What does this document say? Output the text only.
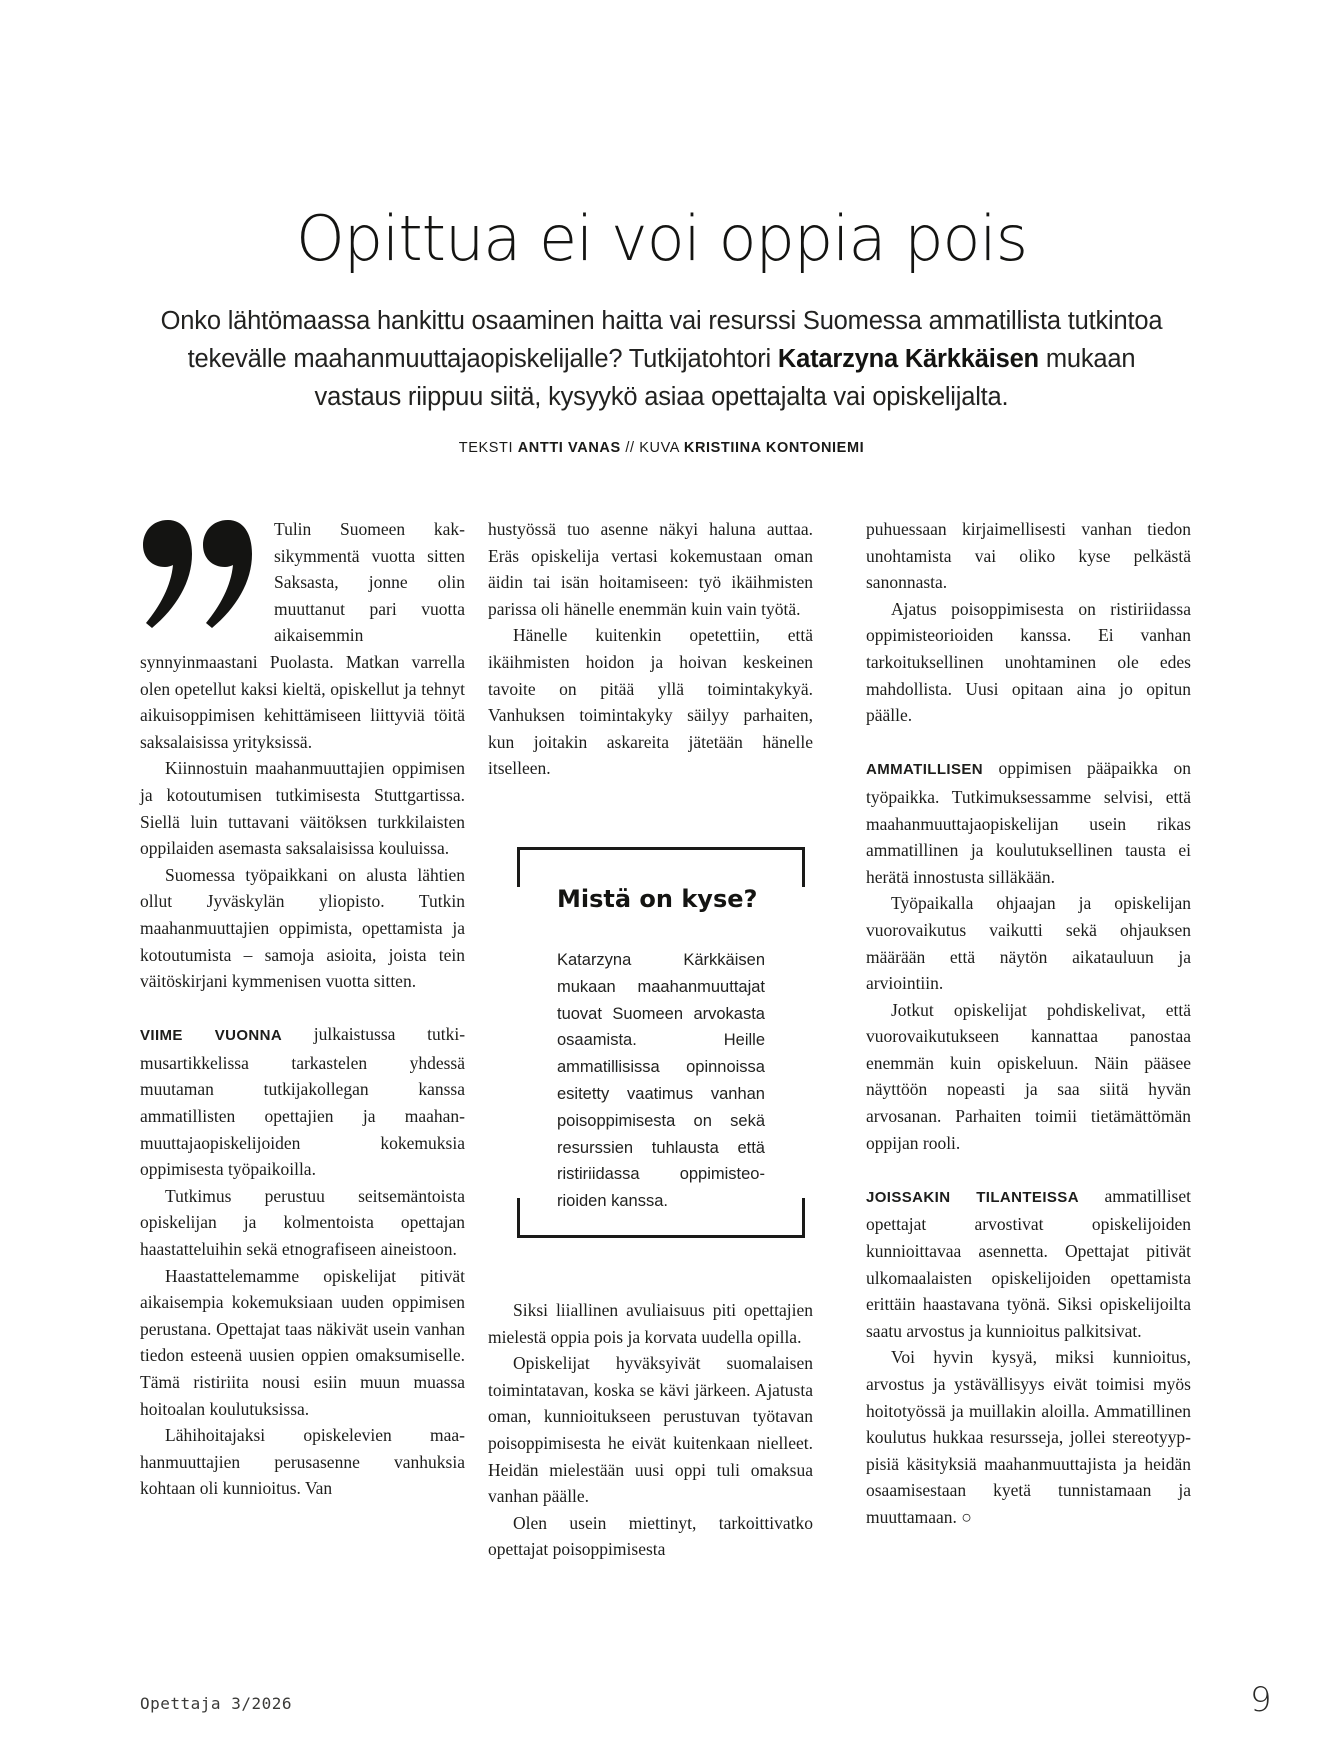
Opittua ei voi oppia pois

Onko lähtömaassa hankittu osaaminen haitta vai resurssi Suomessa ammatillista tutkintoa tekevälle maahanmuuttajaopiskelijalle? Tutkijatohtori Katarzyna Kärkkäisen mukaan vastaus riippuu siitä, kysyykö asiaa opettajalta vai opiskelijalta.

TEKSTI ANTTI VANAS // KUVA KRISTIINA KONTONIEMI

Tulin Suomeen kaksikymmentä vuotta sitten Saksasta, jonne olin muuttanut pari vuotta aikaisemmin synnyinmaastani Puolasta. Matkan varrella olen opetellut kaksi kieltä, opiskellut ja tehnyt aikuisoppimisen kehittämiseen liittyviä töitä saksalaisissa yrityksissä.

Kiinnostuin maahanmuuttajien oppimisen ja kotoutumisen tutkimisesta Stuttgartissa. Siellä luin tuttavani väitöksen turkkilaisten oppilaiden asemasta saksalaisissa kouluissa.

Suomessa työpaikkani on alusta lähtien ollut Jyväskylän yliopisto. Tutkin maahanmuuttajien oppimista, opettamista ja kotoutumista – samoja asioita, joista tein väitöskirjani kymmenisen vuotta sitten.

VIIME VUONNA julkaistussa tutkimusartikkelissa tarkastelen yhdessä muutaman tutkijakollegan kanssa ammatillisten opettajien ja maahanmuuttajaopiskelijoiden kokemuksia oppimisesta työpaikoilla.

Tutkimus perustuu seitsemäntoista opiskelijan ja kolmentoista opettajan haastatteluihin sekä etnografiseen aineistoon.

Haastattelemamme opiskelijat pitivät aikaisempia kokemuksiaan uuden oppimisen perustana. Opettajat taas näkivät usein vanhan tiedon esteenä uusien oppien omaksumiselle. Tämä ristiriita nousi esiin muun muassa hoitoalan koulutuksissa.

Lähihoitajaksi opiskelevien maahanmuuttajien perusasenne vanhuksia kohtaan oli kunnioitus. Van

hustyössä tuo asenne näkyi haluna auttaa. Eräs opiskelija vertasi kokemustaan oman äidin tai isän hoitamiseen: työ ikäihmisten parissa oli hänelle enemmän kuin vain työtä.

Hänelle kuitenkin opetettiin, että ikäihmisten hoidon ja hoivan keskeinen tavoite on pitää yllä toimintakykyä. Vanhuksen toimintakyky säilyy parhaiten, kun joitakin askareita jätetään hänelle itselleen.

Mistä on kyse?

Katarzyna Kärkkäisen mukaan maahanmuuttajat tuovat Suomeen arvokasta osaamista. Heille ammatillisissa opinnoissa esitetty vaatimus vanhan poisoppimisesta on sekä resurssien tuhlausta että ristiriidassa oppimisteorioiden kanssa.

Siksi liiallinen avuliaisuus piti opettajien mielestä oppia pois ja korvata uudella opilla.

Opiskelijat hyväksyivät suomalaisen toimintatavan, koska se kävi järkeen. Ajatusta oman, kunnioitukseen perustuvan työtavan poisoppimisesta he eivät kuitenkaan nielleet. Heidän mielestään uusi oppi tuli omaksua vanhan päälle.

Olen usein miettinyt, tarkoittivatko opettajat poisoppimisesta

puhuessaan kirjaimellisesti vanhan tiedon unohtamista vai oliko kyse pelkästä sanonnasta.

Ajatus poisoppimisesta on ristiriidassa oppimisteorioiden kanssa. Ei vanhan tarkoituksellinen unohtaminen ole edes mahdollista. Uusi opitaan aina jo opitun päälle.

AMMATILLISEN oppimisen pääpaikka on työpaikka. Tutkimuksessamme selvisi, että maahanmuuttajaopiskelijan usein rikas ammatillinen ja koulutuksellinen tausta ei herätä innostusta silläkään.

Työpaikalla ohjaajan ja opiskelijan vuorovaikutus vaikutti sekä ohjauksen määrään että näytön aikatauluun ja arviointiin.

Jotkut opiskelijat pohdiskelivat, että vuorovaikutukseen kannattaa panostaa enemmän kuin opiskeluun. Näin pääsee näyttöön nopeasti ja saa siitä hyvän arvosanan. Parhaiten toimii tietämättömän oppijan rooli.

JOISSAKIN TILANTEISSA ammatilliset opettajat arvostivat opiskelijoiden kunnioittavaa asennetta. Opettajat pitivät ulkomaalaisten opiskelijoiden opettamista erittäin haastavana työnä. Siksi opiskelijoilta saatu arvostus ja kunnioitus palkitsivat.

Voi hyvin kysyä, miksi kunnioitus, arvostus ja ystävällisyys eivät toimisi myös hoitotyössä ja muillakin aloilla. Ammatillinen koulutus hukkaa resursseja, jollei stereotyyppisiä käsityksiä maahanmuuttajista ja heidän osaamisestaan kyetä tunnistamaan ja muuttamaan. ○

Opettaja 3/2026	9
